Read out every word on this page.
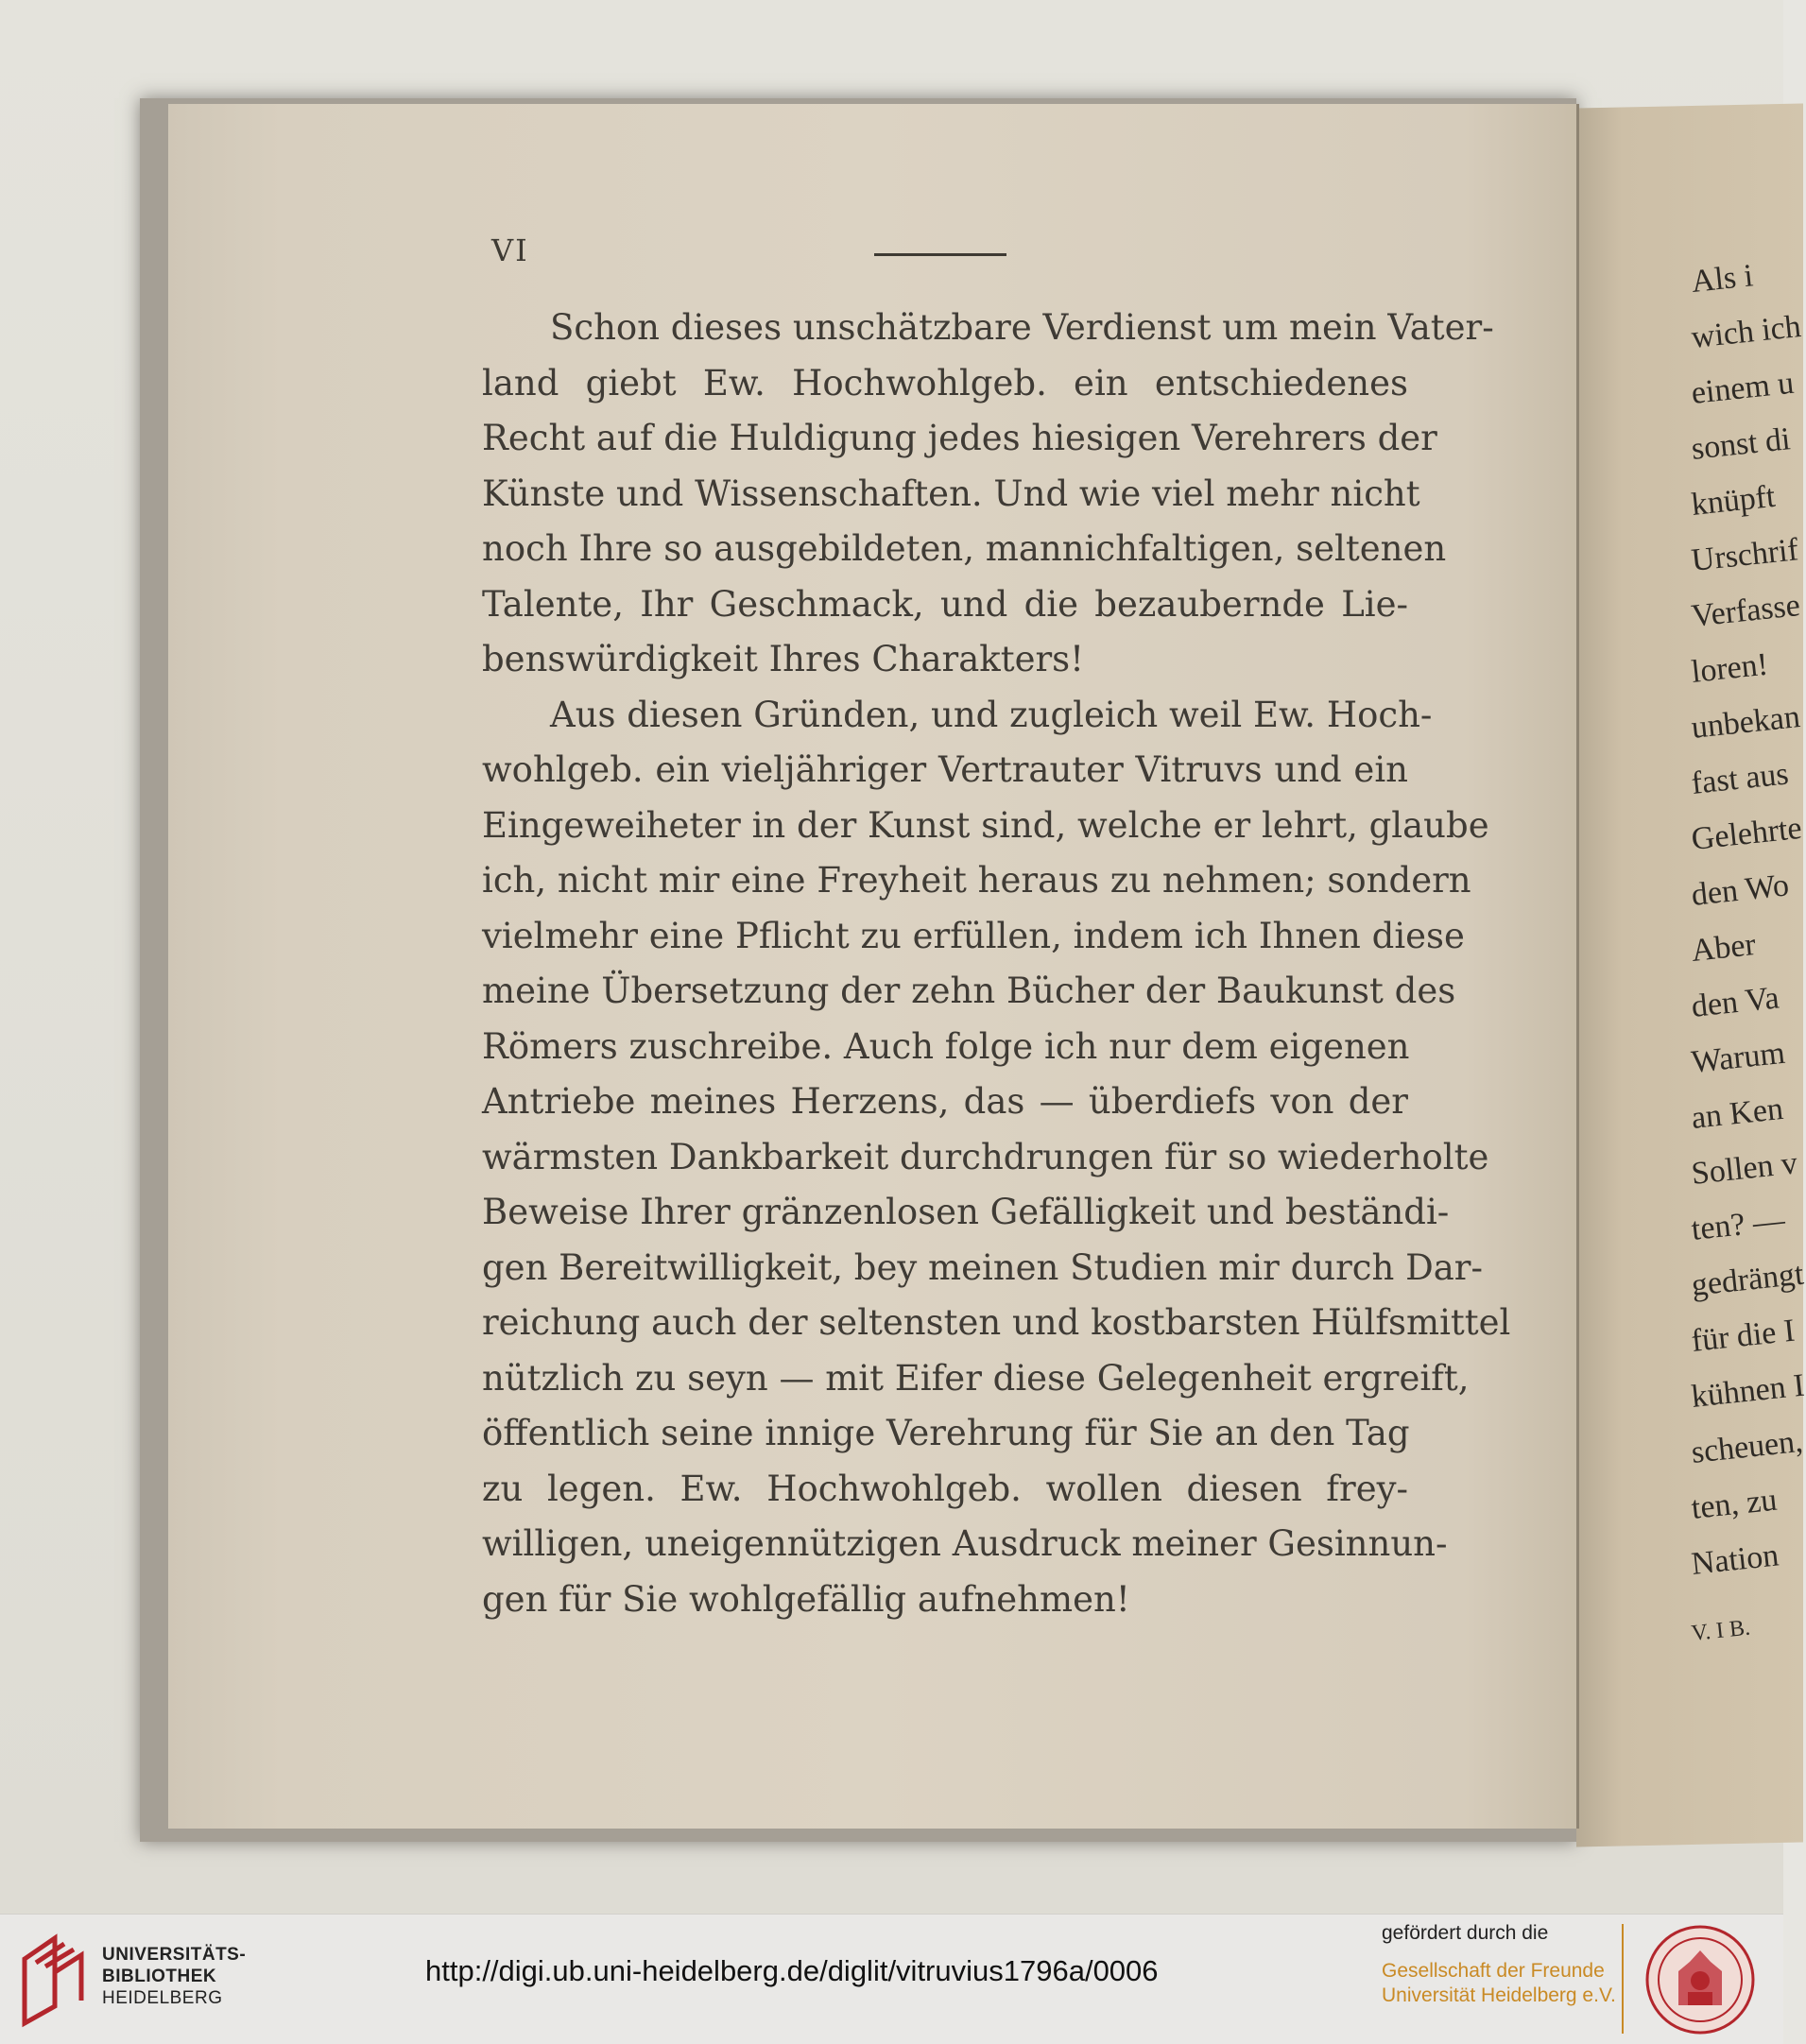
VI
Schon dieses unschätzbare Verdienst um mein Vater-
land giebt Ew. Hochwohlgeb. ein entschiedenes
Recht auf die Huldigung jedes hiesigen Verehrers der
Künste und Wissenschaften. Und wie viel mehr nicht
noch Ihre so ausgebildeten, mannichfaltigen, seltenen
Talente, Ihr Geschmack, und die bezaubernde Lie-
benswürdigkeit Ihres Charakters!
Aus diesen Gründen, und zugleich weil Ew. Hoch-
wohlgeb. ein vieljähriger Vertrauter Vitruvs und ein
Eingeweiheter in der Kunst sind, welche er lehrt, glaube
ich, nicht mir eine Freyheit heraus zu nehmen; sondern
vielmehr eine Pflicht zu erfüllen, indem ich Ihnen diese
meine Übersetzung der zehn Bücher der Baukunst des
Römers zuschreibe. Auch folge ich nur dem eigenen
Antriebe meines Herzens, das — überdiefs von der
wärmsten Dankbarkeit durchdrungen für so wiederholte
Beweise Ihrer gränzenlosen Gefälligkeit und beständi-
gen Bereitwilligkeit, bey meinen Studien mir durch Dar-
reichung auch der seltensten und kostbarsten Hülfsmittel
nützlich zu seyn — mit Eifer diese Gelegenheit ergreift,
öffentlich seine innige Verehrung für Sie an den Tag
zu legen. Ew. Hochwohlgeb. wollen diesen frey-
willigen, uneigennützigen Ausdruck meiner Gesinnun-
gen für Sie wohlgefällig aufnehmen!
Als i
wich ich
einem u
sonst di
knüpft
Urschrif
Verfasse
loren!
unbekan
fast aus
Gelehrte
den Wo
Aber
den Va
Warum
an Ken
Sollen v
ten? —
gedrängt
für die I
kühnen I
scheuen,
ten, zu
Nation
V. I B.
UNIVERSITÄTS-
BIBLIOTHEK
HEIDELBERG
http://digi.ub.uni-heidelberg.de/diglit/vitruvius1796a/0006
gefördert durch die
Gesellschaft der Freunde
Universität Heidelberg e.V.
